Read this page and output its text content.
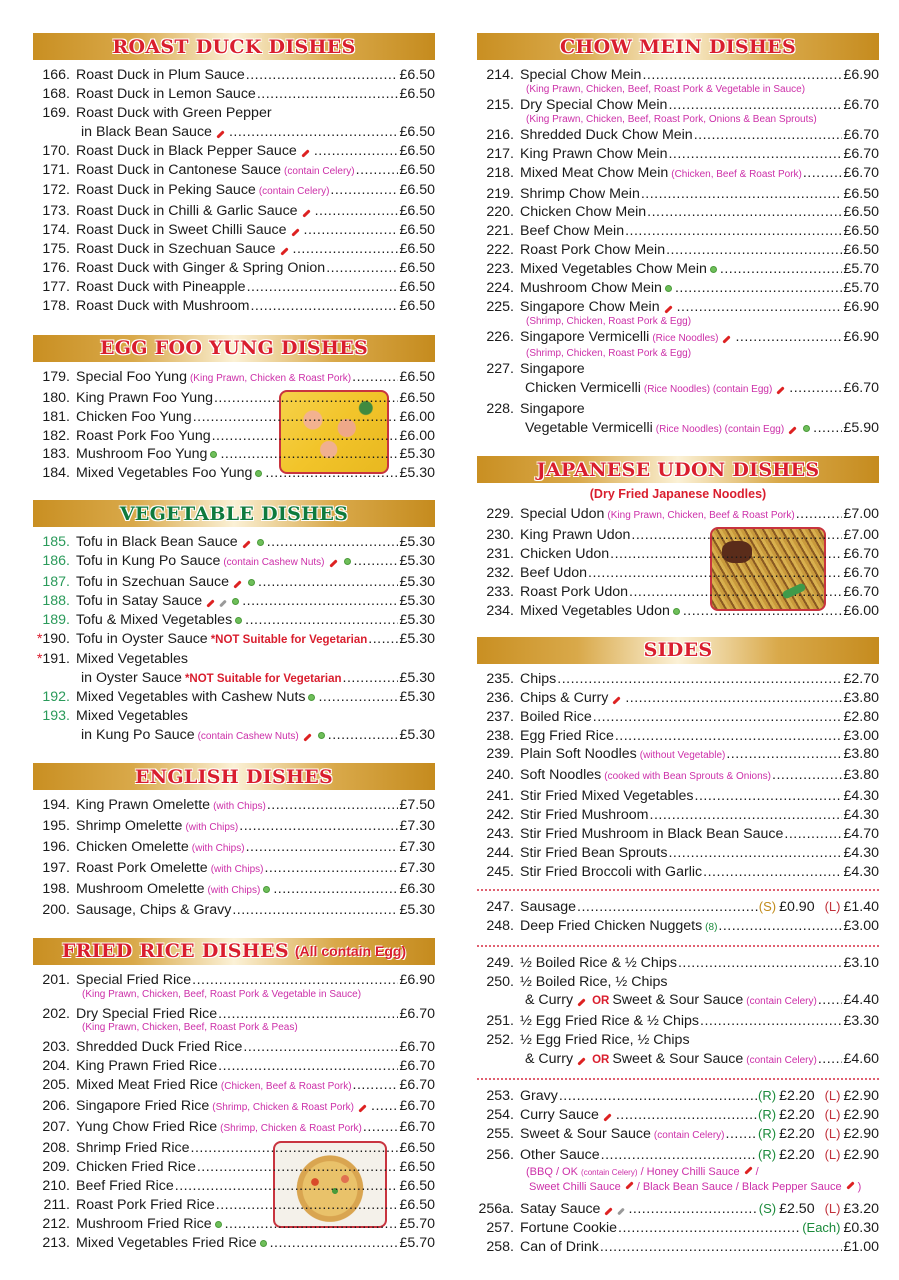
ROAST DUCK DISHES
166. Roast Duck in Plum Sauce .....	£6.50
168. Roast Duck in Lemon Sauce .....	£6.50
169. Roast Duck with Green Pepper
in Black Bean Sauce .....	£6.50
170. Roast Duck in Black Pepper Sauce .....	£6.50
171. Roast Duck in Cantonese Sauce (contain Celery) .....	£6.50
172. Roast Duck in Peking Sauce (contain Celery) .....	£6.50
173. Roast Duck in Chilli & Garlic Sauce .....	£6.50
174. Roast Duck in Sweet Chilli Sauce .....	£6.50
175. Roast Duck in Szechuan Sauce .....	£6.50
176. Roast Duck with Ginger & Spring Onion .....	£6.50
177. Roast Duck with Pineapple .....	£6.50
178. Roast Duck with Mushroom .....	£6.50
EGG FOO YUNG DISHES
179. Special Foo Yung (King Prawn, Chicken & Roast Pork) .....	£6.50
180. King Prawn Foo Yung .....	£6.50
181. Chicken Foo Yung .....	£6.00
182. Roast Pork Foo Yung .....	£6.00
183. Mushroom Foo Yung .....	£5.30
184. Mixed Vegetables Foo Yung .....	£5.30
VEGETABLE DISHES
185. Tofu in Black Bean Sauce .....	£5.30
186. Tofu in Kung Po Sauce (contain Cashew Nuts) .....	£5.30
187. Tofu in Szechuan Sauce .....	£5.30
188. Tofu in Satay Sauce .....	£5.30
189. Tofu & Mixed Vegetables .....	£5.30
*190. Tofu in Oyster Sauce *NOT Suitable for Vegetarian ..... £5.30
*191. Mixed Vegetables
in Oyster Sauce *NOT Suitable for Vegetarian .....	£5.30
192. Mixed Vegetables with Cashew Nuts .....	£5.30
193. Mixed Vegetables
in Kung Po Sauce (contain Cashew Nuts) .....	£5.30
ENGLISH DISHES
194. King Prawn Omelette (with Chips) .....	£7.50
195. Shrimp Omelette (with Chips) .....	£7.30
196. Chicken Omelette (with Chips) .....	£7.30
197. Roast Pork Omelette (with Chips) .....	£7.30
198. Mushroom Omelette (with Chips) .....	£6.30
200. Sausage, Chips & Gravy .....	£5.30
FRIED RICE DISHES (All contain Egg)
201. Special Fried Rice .....	£6.90
(King Prawn, Chicken, Beef, Roast Pork & Vegetable in Sauce)
202. Dry Special Fried Rice .....	£6.70
(King Prawn, Chicken, Beef, Roast Pork & Peas)
203. Shredded Duck Fried Rice .....	£6.70
204. King Prawn Fried Rice .....	£6.70
205. Mixed Meat Fried Rice (Chicken, Beef & Roast Pork) .....	£6.70
206. Singapore Fried Rice (Shrimp, Chicken & Roast Pork) .....	£6.70
207. Yung Chow Fried Rice (Shrimp, Chicken & Roast Pork) .....	£6.70
208. Shrimp Fried Rice .....	£6.50
209. Chicken Fried Rice .....	£6.50
210. Beef Fried Rice .....	£6.50
211. Roast Pork Fried Rice .....	£6.50
212. Mushroom Fried Rice .....	£5.70
213. Mixed Vegetables Fried Rice .....	£5.70
CHOW MEIN DISHES
214. Special Chow Mein .....	£6.90
(King Prawn, Chicken, Beef, Roast Pork & Vegetable in Sauce)
215. Dry Special Chow Mein .....	£6.70
(King Prawn, Chicken, Beef, Roast Pork, Onions & Bean Sprouts)
216. Shredded Duck Chow Mein .....	£6.70
217. King Prawn Chow Mein .....	£6.70
218. Mixed Meat Chow Mein (Chicken, Beef & Roast Pork) .....	£6.70
219. Shrimp Chow Mein .....	£6.50
220. Chicken Chow Mein .....	£6.50
221. Beef Chow Mein .....	£6.50
222. Roast Pork Chow Mein .....	£6.50
223. Mixed Vegetables Chow Mein .....	£5.70
224. Mushroom Chow Mein .....	£5.70
225. Singapore Chow Mein .....	£6.90
(Shrimp, Chicken, Roast Pork & Egg)
226. Singapore Vermicelli (Rice Noodles) .....	£6.90
(Shrimp, Chicken, Roast Pork & Egg)
227. Singapore
Chicken Vermicelli (Rice Noodles) (contain Egg) .....	£6.70
228. Singapore
Vegetable Vermicelli (Rice Noodles) (contain Egg) .....	£5.90
JAPANESE UDON DISHES
(Dry Fried Japanese Noodles)
229. Special Udon (King Prawn, Chicken, Beef & Roast Pork) .....	£7.00
230. King Prawn Udon .....	£7.00
231. Chicken Udon .....	£6.70
232. Beef Udon .....	£6.70
233. Roast Pork Udon .....	£6.70
234. Mixed Vegetables Udon .....	£6.00
SIDES
235. Chips .....	£2.70
236. Chips & Curry .....	£3.80
237. Boiled Rice .....	£2.80
238. Egg Fried Rice .....	£3.00
239. Plain Soft Noodles (without Vegetable) .....	£3.80
240. Soft Noodles (cooked with Bean Sprouts & Onions) .....	£3.80
241. Stir Fried Mixed Vegetables .....	£4.30
242. Stir Fried Mushroom .....	£4.30
243. Stir Fried Mushroom in Black Bean Sauce .....	£4.70
244. Stir Fried Bean Sprouts .....	£4.30
245. Stir Fried Broccoli with Garlic .....	£4.30
247. Sausage .....	(S) £0.90 (L) £1.40
248. Deep Fried Chicken Nuggets (8) .....	£3.00
249. ½ Boiled Rice & ½ Chips .....	£3.10
250. ½ Boiled Rice, ½ Chips
& Curry OR Sweet & Sour Sauce (contain Celery) ..... £4.40
251. ½ Egg Fried Rice & ½ Chips .....	£3.30
252. ½ Egg Fried Rice, ½ Chips
& Curry OR Sweet & Sour Sauce (contain Celery) ..... £4.60
253. Gravy .....	(R) £2.20 (L) £2.90
254. Curry Sauce .....	(R) £2.20 (L) £2.90
255. Sweet & Sour Sauce (contain Celery) .....	(R) £2.20 (L) £2.90
256. Other Sauce .....	(R) £2.20 (L) £2.90
(BBQ / OK (contain Celery) / Honey Chilli Sauce /
Sweet Chilli Sauce / Black Bean Sauce / Black Pepper Sauce )
256a. Satay Sauce .....	(S) £2.50 (L) £3.20
257. Fortune Cookie .....	(Each) £0.30
258. Can of Drink .....	£1.00
